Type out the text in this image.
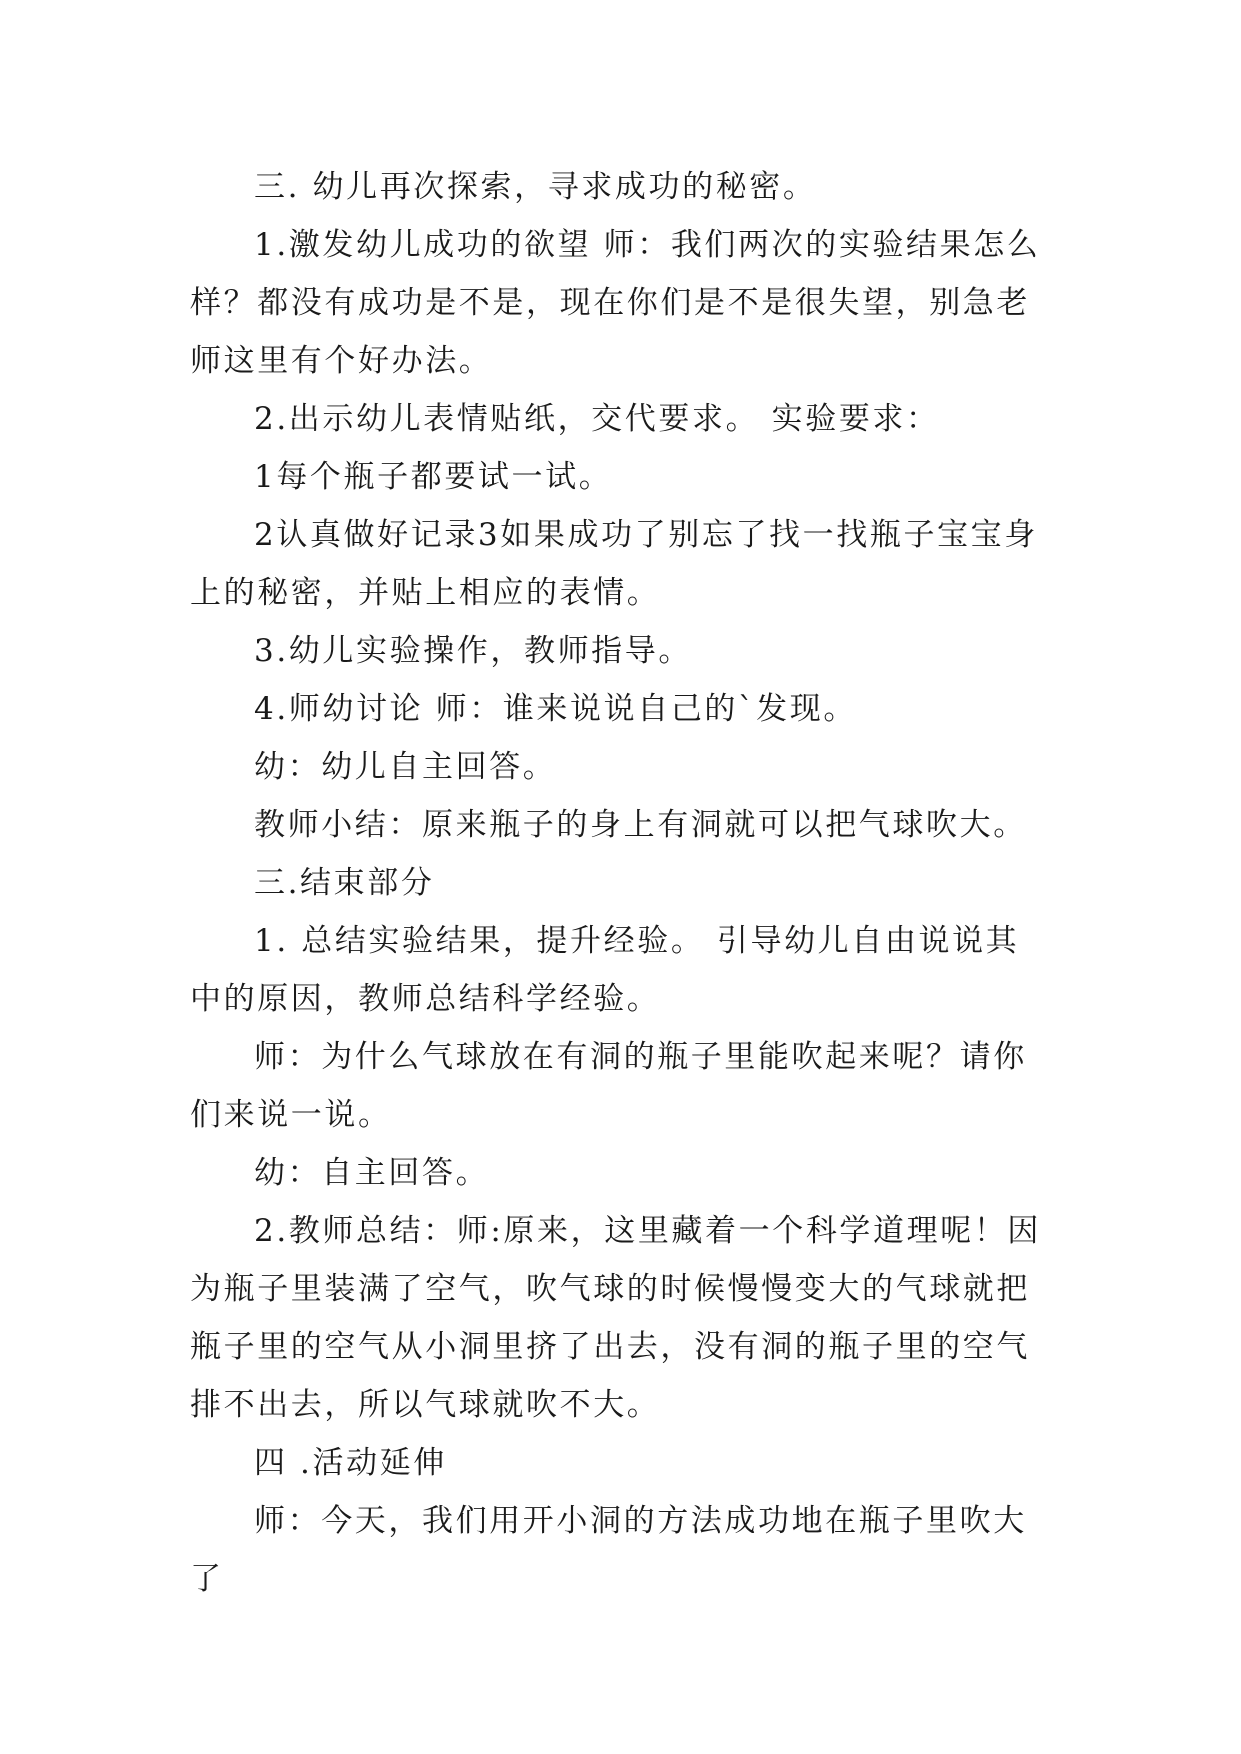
三. 幼儿再次探索，寻求成功的秘密。

1.激发幼儿成功的欲望 师：我们两次的实验结果怎么样？都没有成功是不是，现在你们是不是很失望，别急老师这里有个好办法。

2.出示幼儿表情贴纸，交代要求。 实验要求：

1每个瓶子都要试一试。

2认真做好记录3如果成功了别忘了找一找瓶子宝宝身上的秘密，并贴上相应的表情。

3.幼儿实验操作，教师指导。

4.师幼讨论 师：谁来说说自己的`发现。

幼：幼儿自主回答。

教师小结：原来瓶子的身上有洞就可以把气球吹大。

三.结束部分

1. 总结实验结果，提升经验。 引导幼儿自由说说其中的原因，教师总结科学经验。

师：为什么气球放在有洞的瓶子里能吹起来呢？请你们来说一说。

幼：自主回答。

2.教师总结：师:原来，这里藏着一个科学道理呢！因为瓶子里装满了空气，吹气球的时候慢慢变大的气球就把瓶子里的空气从小洞里挤了出去，没有洞的瓶子里的空气排不出去，所以气球就吹不大。

四 .活动延伸

师：今天，我们用开小洞的方法成功地在瓶子里吹大了
